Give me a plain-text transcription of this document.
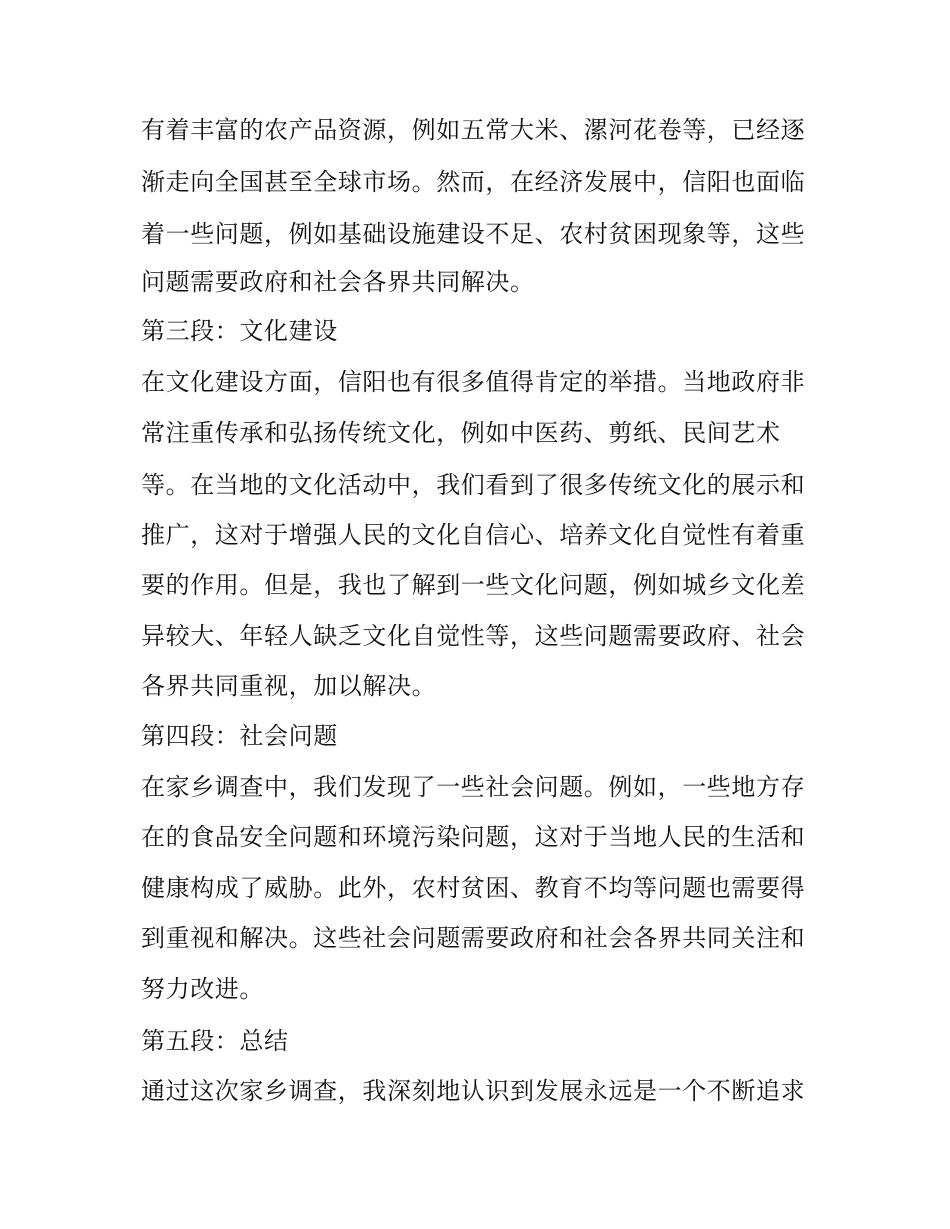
有着丰富的农产品资源，例如五常大米、漯河花卷等，已经逐
渐走向全国甚至全球市场。然而，在经济发展中，信阳也面临
着一些问题，例如基础设施建设不足、农村贫困现象等，这些
问题需要政府和社会各界共同解决。
第三段：文化建设
在文化建设方面，信阳也有很多值得肯定的举措。当地政府非
常注重传承和弘扬传统文化，例如中医药、剪纸、民间艺术
等。在当地的文化活动中，我们看到了很多传统文化的展示和
推广，这对于增强人民的文化自信心、培养文化自觉性有着重
要的作用。但是，我也了解到一些文化问题，例如城乡文化差
异较大、年轻人缺乏文化自觉性等，这些问题需要政府、社会
各界共同重视，加以解决。
第四段：社会问题
在家乡调查中，我们发现了一些社会问题。例如，一些地方存
在的食品安全问题和环境污染问题，这对于当地人民的生活和
健康构成了威胁。此外，农村贫困、教育不均等问题也需要得
到重视和解决。这些社会问题需要政府和社会各界共同关注和
努力改进。
第五段：总结
通过这次家乡调查，我深刻地认识到发展永远是一个不断追求
